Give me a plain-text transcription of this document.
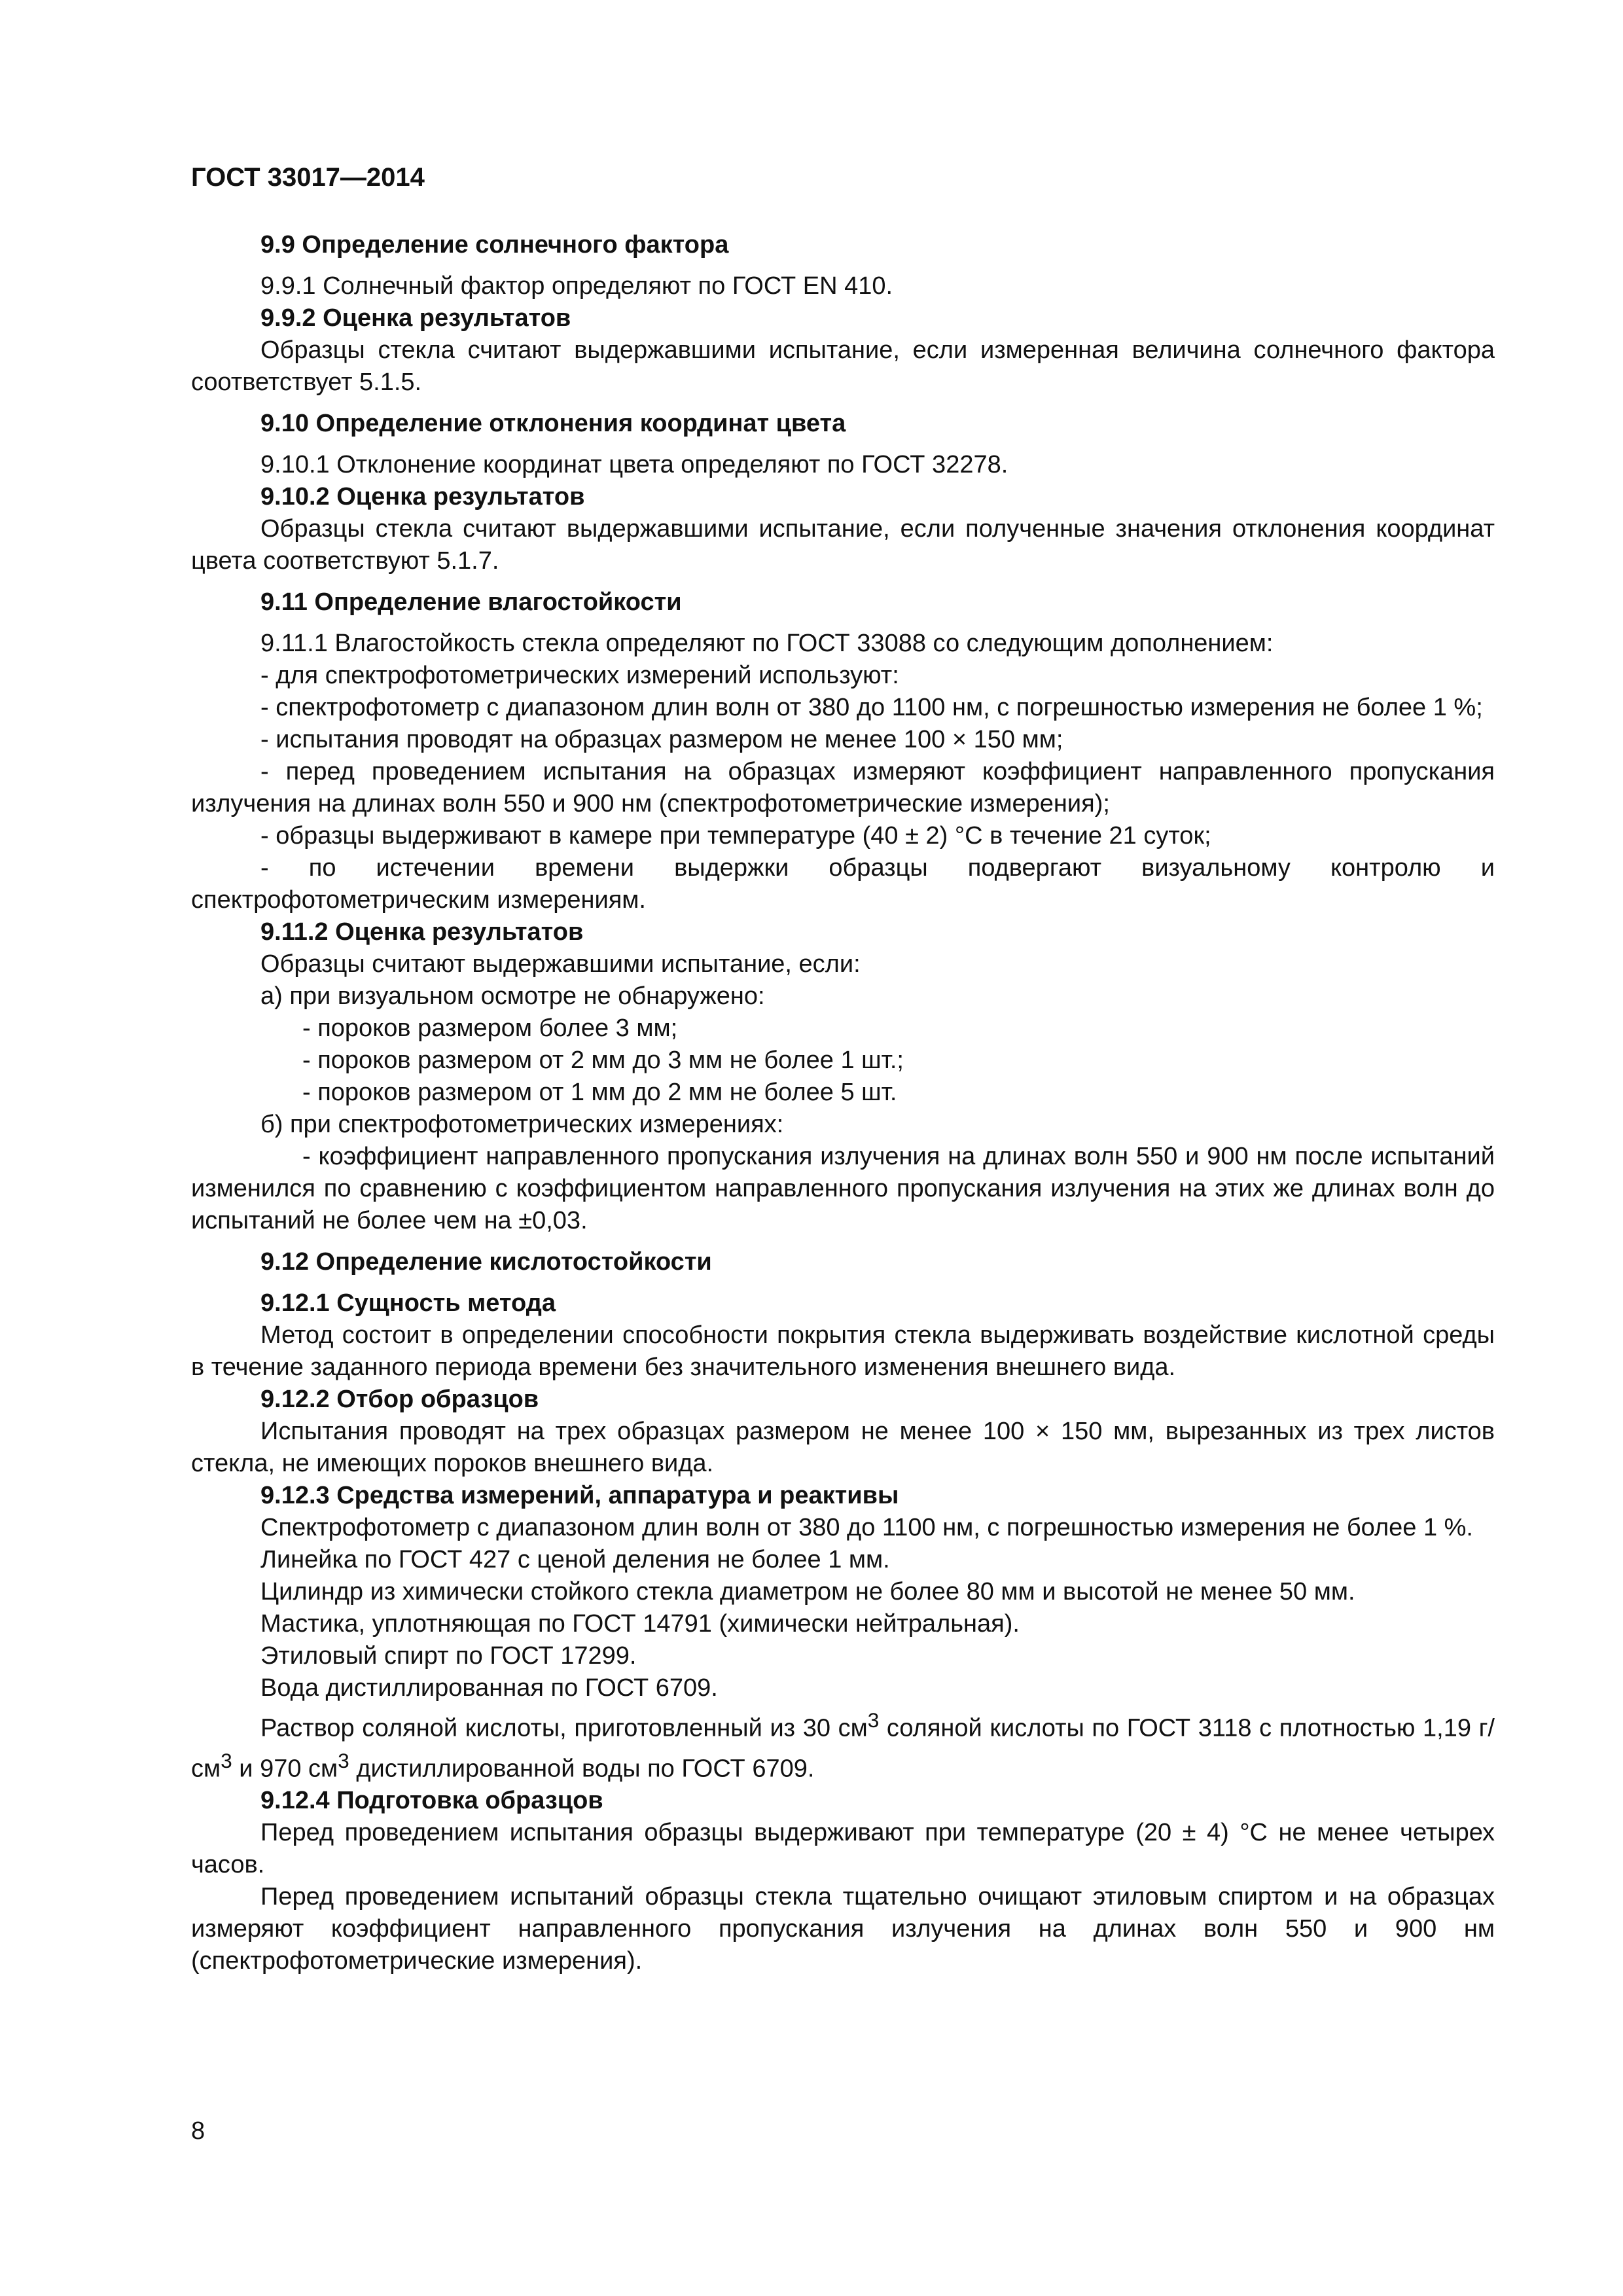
ГОСТ 33017—2014
9.9 Определение солнечного фактора

9.9.1 Солнечный фактор определяют по ГОСТ EN 410.

9.9.2 Оценка результатов

Образцы стекла считают выдержавшими испытание, если измеренная величина солнечного фактора соответствует 5.1.5.

9.10 Определение отклонения координат цвета

9.10.1 Отклонение координат цвета определяют по ГОСТ 32278.

9.10.2 Оценка результатов

Образцы стекла считают выдержавшими испытание, если полученные значения отклонения координат цвета соответствуют 5.1.7.

9.11 Определение влагостойкости

9.11.1 Влагостойкость стекла определяют по ГОСТ 33088 со следующим дополнением:

- для спектрофотометрических измерений используют:

- спектрофотометр с диапазоном длин волн от 380 до 1100 нм, с погрешностью измерения не более 1 %;

- испытания проводят на образцах размером не менее 100 × 150 мм;

- перед проведением испытания на образцах измеряют коэффициент направленного пропускания излучения на длинах волн 550 и 900 нм (спектрофотометрические измерения);

- образцы выдерживают в камере при температуре (40 ± 2) °С в течение 21 суток;

- по истечении времени выдержки образцы подвергают визуальному контролю и спектрофотометрическим измерениям.

9.11.2 Оценка результатов

Образцы считают выдержавшими испытание, если:

а) при визуальном осмотре не обнаружено:

- пороков размером более 3 мм;

- пороков размером от 2 мм до 3 мм не более 1 шт.;

- пороков размером от 1 мм до 2 мм не более 5 шт.

б) при спектрофотометрических измерениях:

- коэффициент направленного пропускания излучения на длинах волн 550 и 900 нм после испытаний изменился по сравнению с коэффициентом направленного пропускания излучения на этих же длинах волн до испытаний не более чем на ±0,03.

9.12 Определение кислотостойкости
9.12.1 Сущность метода

Метод состоит в определении способности покрытия стекла выдерживать воздействие кислотной среды в течение заданного периода времени без значительного изменения внешнего вида.

9.12.2 Отбор образцов

Испытания проводят на трех образцах размером не менее 100 × 150 мм, вырезанных из трех листов стекла, не имеющих пороков внешнего вида.

9.12.3 Средства измерений, аппаратура и реактивы

Спектрофотометр с диапазоном длин волн от 380 до 1100 нм, с погрешностью измерения не более 1 %.

Линейка по ГОСТ 427 с ценой деления не более 1 мм.

Цилиндр из химически стойкого стекла диаметром не более 80 мм и высотой не менее 50 мм.

Мастика, уплотняющая по ГОСТ 14791 (химически нейтральная).

Этиловый спирт по ГОСТ 17299.

Вода дистиллированная по ГОСТ 6709.

Раствор соляной кислоты, приготовленный из 30 $см^3$ соляной кислоты по ГОСТ 3118 с плотностью 1,19 $г/см^3$ и 970 $см^3$ дистиллированной воды по ГОСТ 6709.

9.12.4 Подготовка образцов

Перед проведением испытания образцы выдерживают при температуре (20 ± 4) °С не менее четырех часов.

Перед проведением испытаний образцы стекла тщательно очищают этиловым спиртом и на образцах измеряют коэффициент направленного пропускания излучения на длинах волн 550 и 900 нм (спектрофотометрические измерения).

8
